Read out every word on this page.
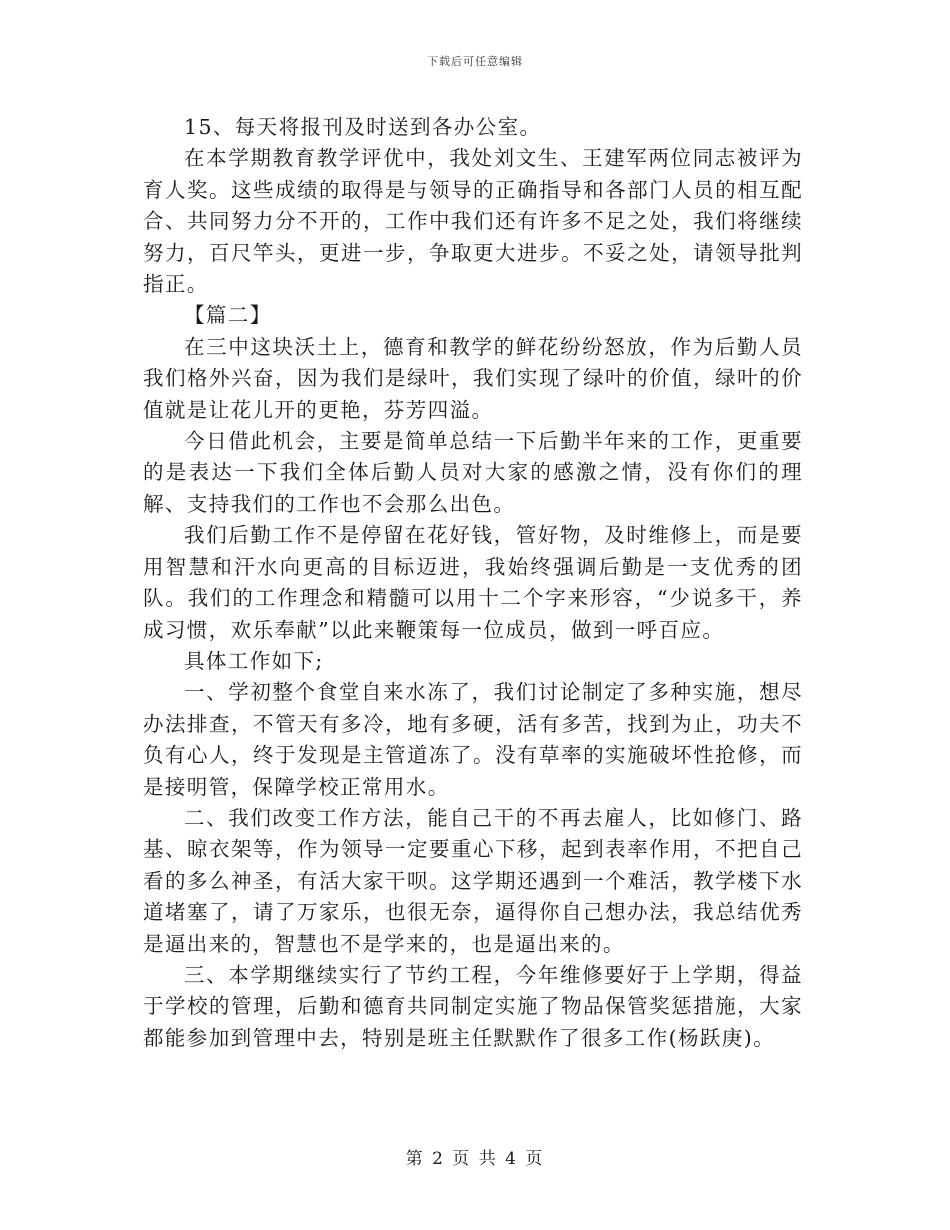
下载后可任意编辑

15、每天将报刊及时送到各办公室。

在本学期教育教学评优中，我处刘文生、王建军两位同志被评为育人奖。这些成绩的取得是与领导的正确指导和各部门人员的相互配合、共同努力分不开的，工作中我们还有许多不足之处，我们将继续努力，百尺竿头，更进一步，争取更大进步。不妥之处，请领导批判指正。

【篇二】

在三中这块沃土上，德育和教学的鲜花纷纷怒放，作为后勤人员我们格外兴奋，因为我们是绿叶，我们实现了绿叶的价值，绿叶的价值就是让花儿开的更艳，芬芳四溢。

今日借此机会，主要是简单总结一下后勤半年来的工作，更重要的是表达一下我们全体后勤人员对大家的感激之情，没有你们的理解、支持我们的工作也不会那么出色。

我们后勤工作不是停留在花好钱，管好物，及时维修上，而是要用智慧和汗水向更高的目标迈进，我始终强调后勤是一支优秀的团队。我们的工作理念和精髓可以用十二个字来形容，“少说多干，养成习惯，欢乐奉献”以此来鞭策每一位成员，做到一呼百应。

具体工作如下;

一、学初整个食堂自来水冻了，我们讨论制定了多种实施，想尽办法排查，不管天有多冷，地有多硬，活有多苦，找到为止，功夫不负有心人，终于发现是主管道冻了。没有草率的实施破坏性抢修，而是接明管，保障学校正常用水。

二、我们改变工作方法，能自己干的不再去雇人，比如修门、路基、晾衣架等，作为领导一定要重心下移，起到表率作用，不把自己看的多么神圣，有活大家干呗。这学期还遇到一个难活，教学楼下水道堵塞了，请了万家乐，也很无奈，逼得你自己想办法，我总结优秀是逼出来的，智慧也不是学来的，也是逼出来的。

三、本学期继续实行了节约工程，今年维修要好于上学期，得益于学校的管理，后勤和德育共同制定实施了物品保管奖惩措施，大家都能参加到管理中去，特别是班主任默默作了很多工作(杨跃庚)。

第 2 页 共 4 页
